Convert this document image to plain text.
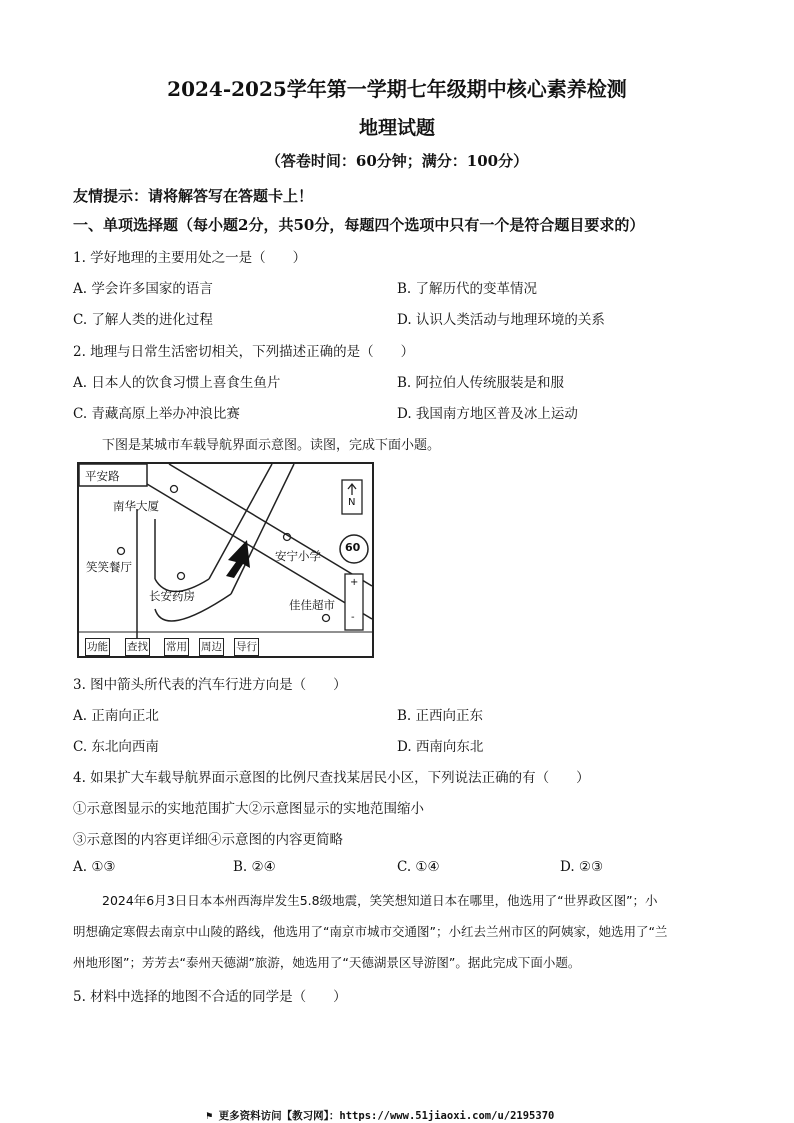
2024-2025学年第一学期七年级期中核心素养检测
地理试题
（答卷时间：60分钟；满分：100分）
友情提示：请将解答写在答题卡上！
一、单项选择题（每小题2分，共50分，每题四个选项中只有一个是符合题目要求的）
1. 学好地理的主要用处之一是（　　）
A. 学会许多国家的语言	B. 了解历代的变革情况
C. 了解人类的进化过程	D. 认识人类活动与地理环境的关系
2. 地理与日常生活密切相关，下列描述正确的是（　　）
A. 日本人的饮食习惯上喜食生鱼片	B. 阿拉伯人传统服装是和服
C. 青藏高原上举办冲浪比赛	D. 我国南方地区普及冰上运动
下图是某城市车载导航界面示意图。读图，完成下面小题。
平安路
南华大厦
笑笑餐厅
安宁小学
长安药房
佳佳超市
N
60
+
-
功能 查找 常用 周边 导行
3. 图中箭头所代表的汽车行进方向是（　　）
A. 正南向正北	B. 正西向正东
C. 东北向西南	D. 西南向东北
4. 如果扩大车载导航界面示意图的比例尺查找某居民小区，下列说法正确的有（　　）
①示意图显示的实地范围扩大②示意图显示的实地范围缩小
③示意图的内容更详细④示意图的内容更简略
A. ①③	B. ②④	C. ①④	D. ②③
2024年6月3日日本本州西海岸发生5.8级地震，笑笑想知道日本在哪里，他选用了“世界政区图”；小
明想确定寒假去南京中山陵的路线，他选用了“南京市城市交通图”；小红去兰州市区的阿姨家，她选用了“兰
州地形图”；芳芳去“泰州天德湖”旅游，她选用了“天德湖景区导游图”。据此完成下面小题。
5. 材料中选择的地图不合适的同学是（　　）
⚑ 更多资料访问【教习网】：https://www.51jiaoxi.com/u/2195370
